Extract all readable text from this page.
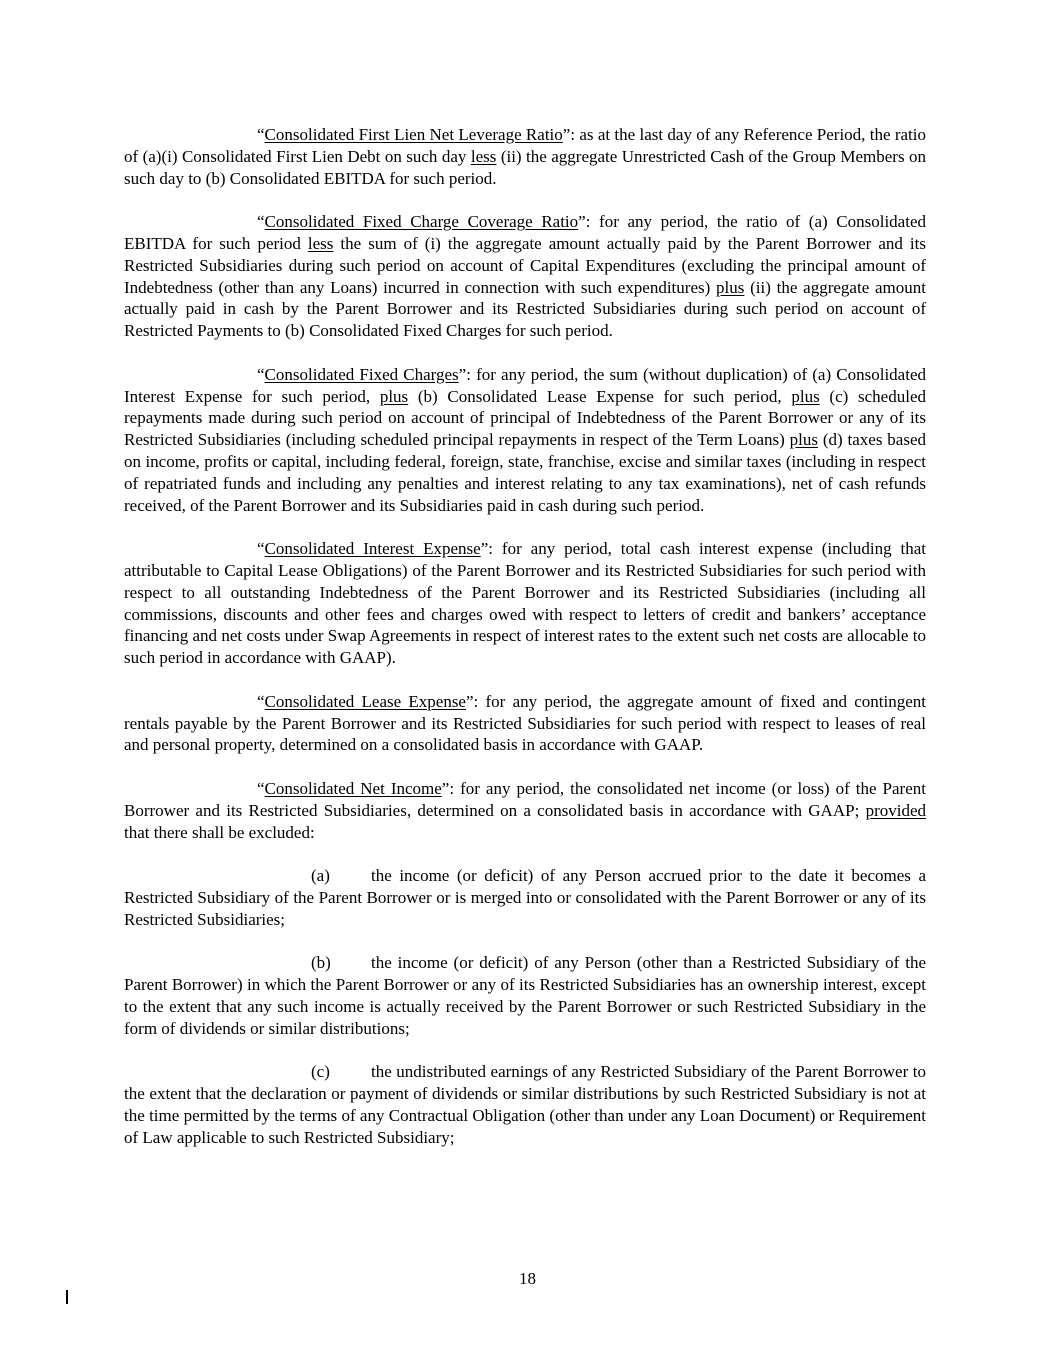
“Consolidated First Lien Net Leverage Ratio”: as at the last day of any Reference Period, the ratio of (a)(i) Consolidated First Lien Debt on such day less (ii) the aggregate Unrestricted Cash of the Group Members on such day to (b) Consolidated EBITDA for such period.

“Consolidated Fixed Charge Coverage Ratio”: for any period, the ratio of (a) Consolidated EBITDA for such period less the sum of (i) the aggregate amount actually paid by the Parent Borrower and its Restricted Subsidiaries during such period on account of Capital Expenditures (excluding the principal amount of Indebtedness (other than any Loans) incurred in connection with such expenditures) plus (ii) the aggregate amount actually paid in cash by the Parent Borrower and its Restricted Subsidiaries during such period on account of Restricted Payments to (b) Consolidated Fixed Charges for such period.

“Consolidated Fixed Charges”: for any period, the sum (without duplication) of (a) Consolidated Interest Expense for such period, plus (b) Consolidated Lease Expense for such period, plus (c) scheduled repayments made during such period on account of principal of Indebtedness of the Parent Borrower or any of its Restricted Subsidiaries (including scheduled principal repayments in respect of the Term Loans) plus (d) taxes based on income, profits or capital, including federal, foreign, state, franchise, excise and similar taxes (including in respect of repatriated funds and including any penalties and interest relating to any tax examinations), net of cash refunds received, of the Parent Borrower and its Subsidiaries paid in cash during such period.

“Consolidated Interest Expense”: for any period, total cash interest expense (including that attributable to Capital Lease Obligations) of the Parent Borrower and its Restricted Subsidiaries for such period with respect to all outstanding Indebtedness of the Parent Borrower and its Restricted Subsidiaries (including all commissions, discounts and other fees and charges owed with respect to letters of credit and bankers’ acceptance financing and net costs under Swap Agreements in respect of interest rates to the extent such net costs are allocable to such period in accordance with GAAP).

“Consolidated Lease Expense”: for any period, the aggregate amount of fixed and contingent rentals payable by the Parent Borrower and its Restricted Subsidiaries for such period with respect to leases of real and personal property, determined on a consolidated basis in accordance with GAAP.

“Consolidated Net Income”: for any period, the consolidated net income (or loss) of the Parent Borrower and its Restricted Subsidiaries, determined on a consolidated basis in accordance with GAAP; provided that there shall be excluded:

(a) the income (or deficit) of any Person accrued prior to the date it becomes a Restricted Subsidiary of the Parent Borrower or is merged into or consolidated with the Parent Borrower or any of its Restricted Subsidiaries;

(b) the income (or deficit) of any Person (other than a Restricted Subsidiary of the Parent Borrower) in which the Parent Borrower or any of its Restricted Subsidiaries has an ownership interest, except to the extent that any such income is actually received by the Parent Borrower or such Restricted Subsidiary in the form of dividends or similar distributions;

(c) the undistributed earnings of any Restricted Subsidiary of the Parent Borrower to the extent that the declaration or payment of dividends or similar distributions by such Restricted Subsidiary is not at the time permitted by the terms of any Contractual Obligation (other than under any Loan Document) or Requirement of Law applicable to such Restricted Subsidiary;

18
